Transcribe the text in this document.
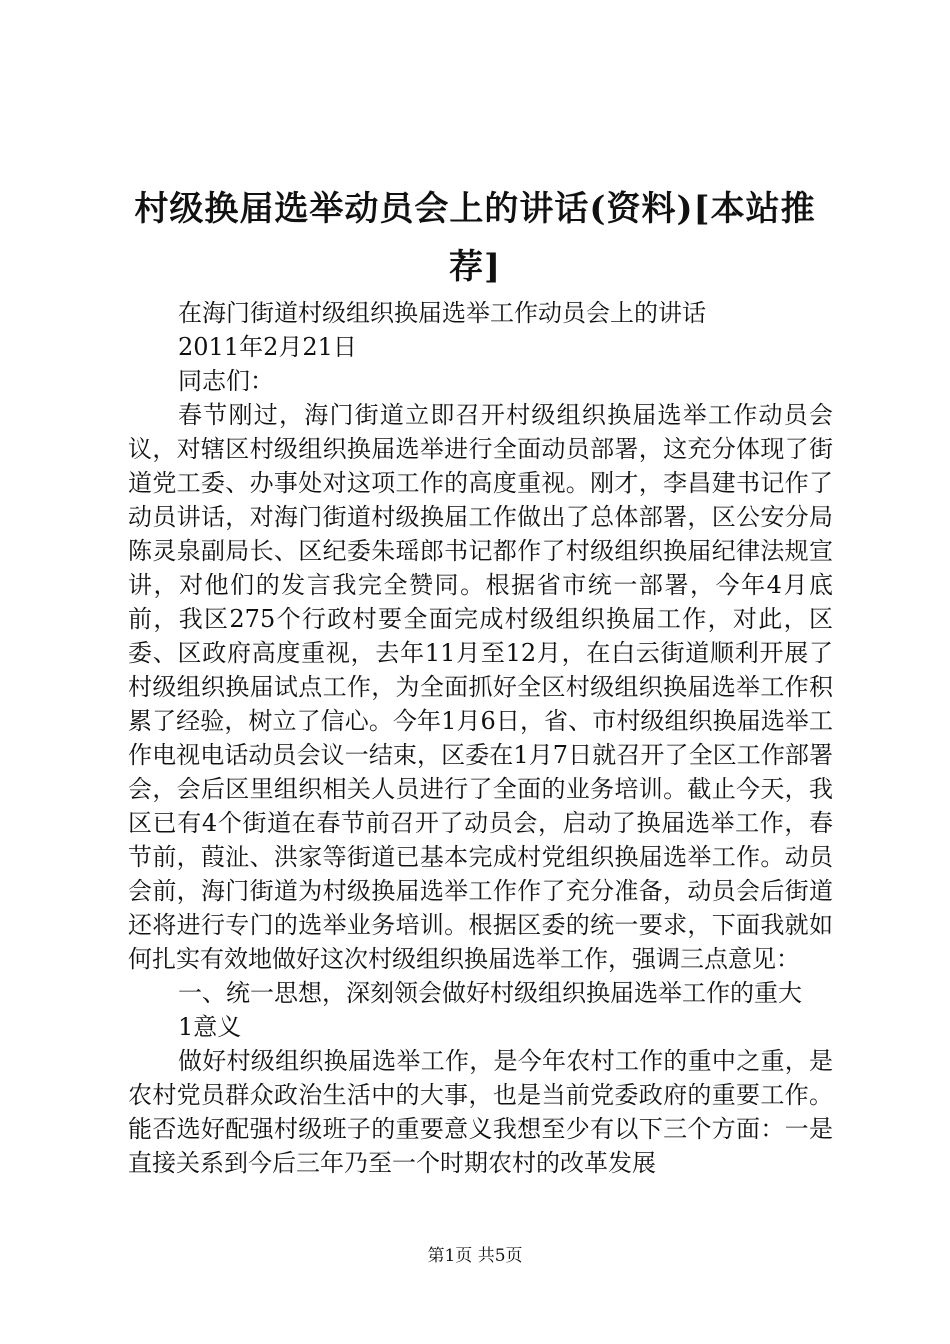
村级换届选举动员会上的讲话(资料)[本站推荐]

在海门街道村级组织换届选举工作动员会上的讲话

2011年2月21日

同志们：

春节刚过，海门街道立即召开村级组织换届选举工作动员会议，对辖区村级组织换届选举进行全面动员部署，这充分体现了街道党工委、办事处对这项工作的高度重视。刚才，李昌建书记作了动员讲话，对海门街道村级换届工作做出了总体部署，区公安分局陈灵泉副局长、区纪委朱瑶郎书记都作了村级组织换届纪律法规宣讲，对他们的发言我完全赞同。根据省市统一部署，今年4月底前，我区275个行政村要全面完成村级组织换届工作，对此，区委、区政府高度重视，去年11月至12月，在白云街道顺利开展了村级组织换届试点工作，为全面抓好全区村级组织换届选举工作积累了经验，树立了信心。今年1月6日，省、市村级组织换届选举工作电视电话动员会议一结束，区委在1月7日就召开了全区工作部署会，会后区里组织相关人员进行了全面的业务培训。截止今天，我区已有4个街道在春节前召开了动员会，启动了换届选举工作，春节前，葭沚、洪家等街道已基本完成村党组织换届选举工作。动员会前，海门街道为村级换届选举工作作了充分准备，动员会后街道还将进行专门的选举业务培训。根据区委的统一要求，下面我就如何扎实有效地做好这次村级组织换届选举工作，强调三点意见：

一、统一思想，深刻领会做好村级组织换届选举工作的重大

1意义

做好村级组织换届选举工作，是今年农村工作的重中之重，是农村党员群众政治生活中的大事，也是当前党委政府的重要工作。能否选好配强村级班子的重要意义我想至少有以下三个方面：一是直接关系到今后三年乃至一个时期农村的改革发展

第1页 共5页
